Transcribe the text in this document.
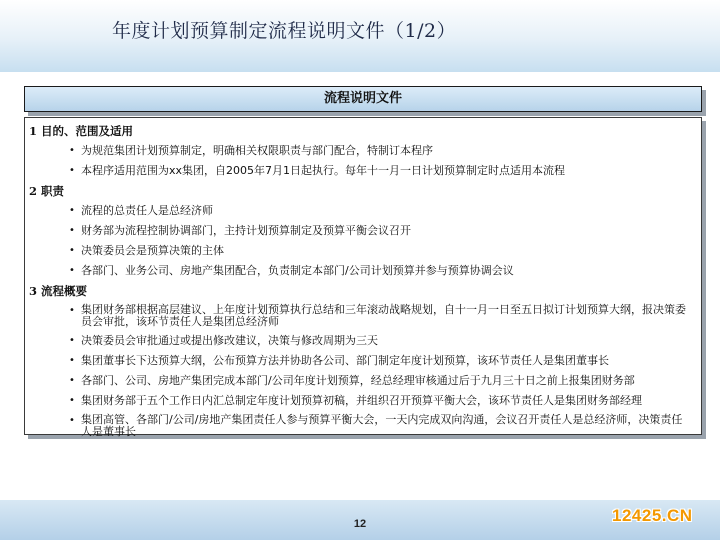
年度计划预算制定流程说明文件（1/2）
流程说明文件
1 目的、范围及适用
• 为规范集团计划预算制定，明确相关权限职责与部门配合，特制订本程序
• 本程序适用范围为xx集团，自2005年7月1日起执行。每年十一月一日计划预算制定时点适用本流程
2 职责
• 流程的总责任人是总经济师
• 财务部为流程控制协调部门，主持计划预算制定及预算平衡会议召开
• 决策委员会是预算决策的主体
• 各部门、业务公司、房地产集团配合，负责制定本部门/公司计划预算并参与预算协调会议
3 流程概要
• 集团财务部根据高层建议、上年度计划预算执行总结和三年滚动战略规划，自十一月一日至五日拟订计划预算大纲，报决策委员会审批，该环节责任人是集团总经济师
• 决策委员会审批通过或提出修改建议，决策与修改周期为三天
• 集团董事长下达预算大纲，公布预算方法并协助各公司、部门制定年度计划预算，该环节责任人是集团董事长
• 各部门、公司、房地产集团完成本部门/公司年度计划预算，经总经理审核通过后于九月三十日之前上报集团财务部
• 集团财务部于五个工作日内汇总制定年度计划预算初稿，并组织召开预算平衡大会，该环节责任人是集团财务部经理
• 集团高管、各部门/公司/房地产集团责任人参与预算平衡大会，一天内完成双向沟通，会议召开责任人是总经济师，决策责任人是董事长
12	12425.CN
